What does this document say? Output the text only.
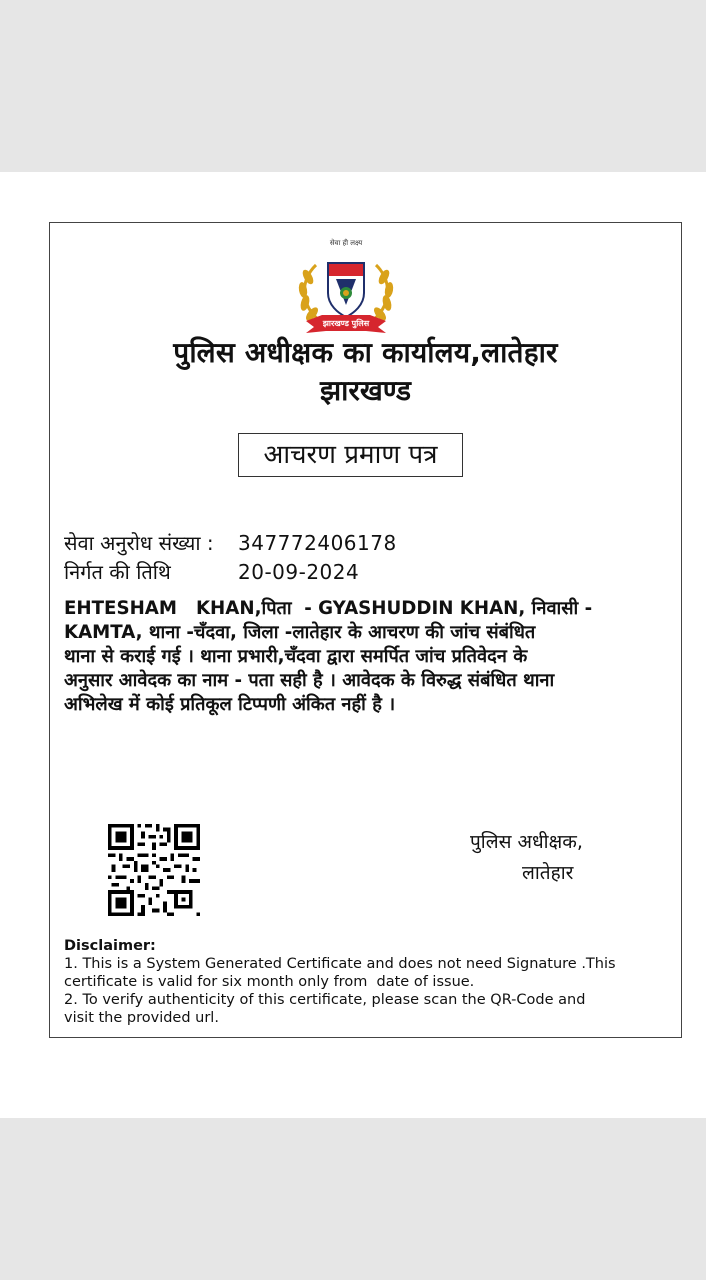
सेवा ही लक्ष्य
झारखण्ड पुलिस
पुलिस अधीक्षक का कार्यालय,लातेहार
झारखण्ड
आचरण प्रमाण पत्र
सेवा अनुरोध संख्या : 347772406178
निर्गत की तिथि	20-09-2024
EHTESHAM   KHAN,पिता  - GYASHUDDIN KHAN, निवासी -
KAMTA, थाना -चँदवा, जिला -लातेहार के आचरण की जांच संबंधित
थाना से कराई गई । थाना प्रभारी,चँदवा द्वारा समर्पित जांच प्रतिवेदन के
अनुसार आवेदक का नाम - पता सही है । आवेदक के विरुद्ध संबंधित थाना
अभिलेख में कोई प्रतिकूल टिप्पणी अंकित नहीं है ।
पुलिस अधीक्षक,
लातेहार
Disclaimer:
1. This is a System Generated Certificate and does not need Signature .This
certificate is valid for six month only from  date of issue.
2. To verify authenticity of this certificate, please scan the QR-Code and
visit the provided url.
